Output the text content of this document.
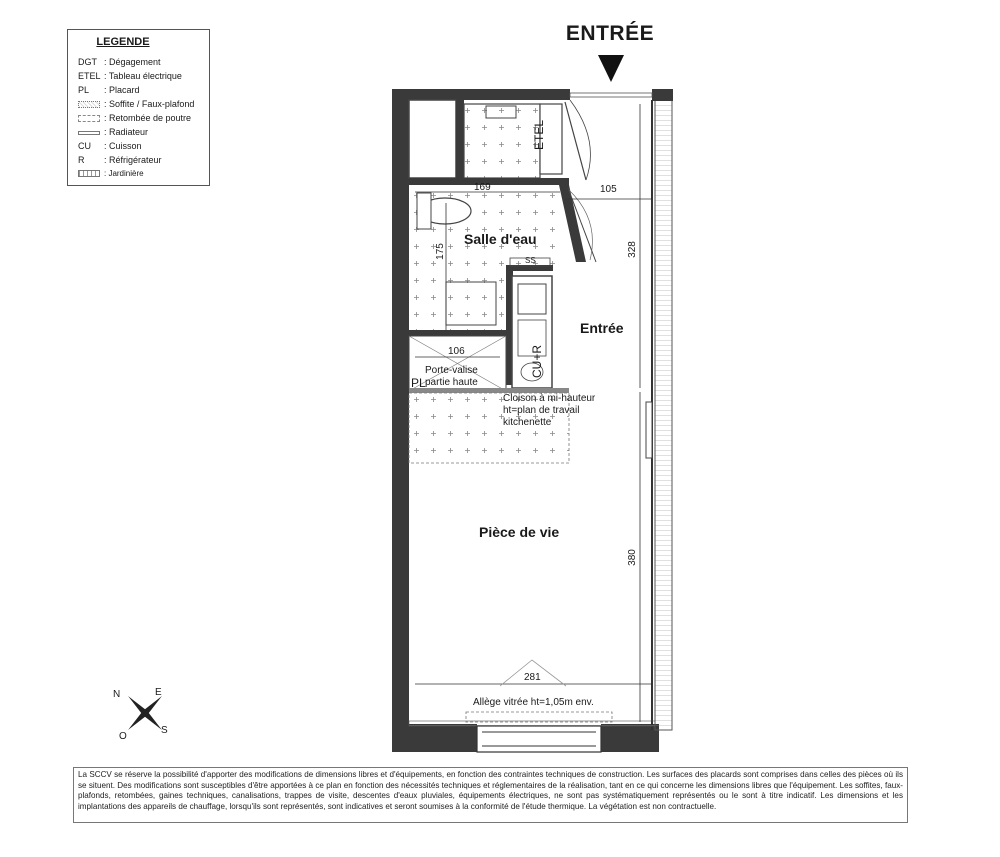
LEGENDE
DGT : Dégagement
ETEL : Tableau électrique
PL : Placard
: Soffite / Faux-plafond
: Retombée de poutre
: Radiateur
CU : Cuisson
R : Réfrigérateur
: Jardinière
ENTRÉE
Salle d'eau
Entrée
Pièce de vie
ETEL
CU+R
PL
SS
169	105
328
175
106
380
281
Porte-valise
partie haute
Cloison à mi-hauteur
ht=plan de travail
kitchenette
Allège vitrée ht=1,05m env.
N	E
S
O
La SCCV se réserve la possibilité d'apporter des modifications de dimensions libres et d'équipements, en fonction des contraintes techniques de construction. Les surfaces des placards sont comprises dans celles des pièces où ils se situent. Des modifications sont susceptibles d'être apportées à ce plan en fonction des nécessités techniques et réglementaires de la réalisation, tant en ce qui concerne les dimensions libres que l'équipement. Les soffites, faux-plafonds, retombées, gaines techniques, canalisations, trappes de visite, descentes d'eaux pluviales, équipements électriques, ne sont pas systématiquement représentés ou le sont à titre indicatif. Les dimensions et les implantations des appareils de chauffage, lorsqu'ils sont représentés, sont indicatives et seront soumises à la conformité de l'étude thermique. La végétation est non contractuelle.
